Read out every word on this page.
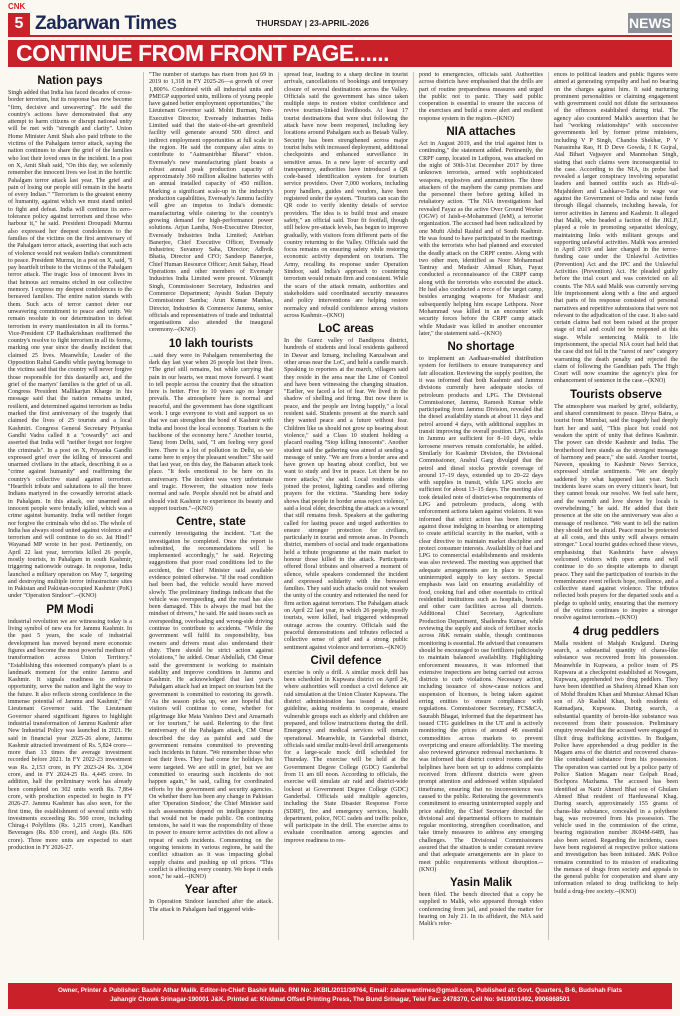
CNK
5 Zabarwan Times	THURSDAY | 23-APRIL-2026	NEWS
CONTINUE FROM FRONT PAGE......
Nation pays
Singh added that India has faced decades of cross-border terrorism, but its response has now become "firm, decisive and unwavering". He said the country's actions have demonstrated that any attempt to harm citizens or disrupt national unity will be met with "strength and clarity". Union Home Minister Amit Shah also paid tribute to the victims of the Pahalgam terror attack, saying the nation continues to share the grief of the families who lost their loved ones in the incident. In a post on X, Amit Shah said, "On this day, we solemnly remember the innocent lives we lost in the horrific Pahalgam terror attack last year. The grief and pain of losing our people still remain in the hearts of every Indian." "Terrorism is the greatest enemy of humanity, against which we must stand united to fight and defeat. India will continue its zero-tolerance policy against terrorism and those who harbour it," he said. President Droupadi Murmu also expressed her deepest condolences to the families of the victims on the first anniversary of the Pahalgam terror attack, asserting that such acts of violence would not weaken India's commitment to peace. President Murmu, in a post on X, said, "I pay heartfelt tribute to the victims of the Pahalgam terror attack. The tragic loss of innocent lives in that heinous act remains etched in our collective memory. I express my deepest condolences to the bereaved families. The entire nation stands with them. Such acts of terror cannot deter our unwavering commitment to peace and unity. We remain resolute in our determination to defeat terrorism in every manifestation in all its forms." Vice-President CP Radhakrishnan reaffirmed the country's resolve to fight terrorism in all its forms, marking one year since the deadly incident that claimed 25 lives. Meanwhile, Leader of the Opposition Rahul Gandhi while paying homage to the victims said that the country will never forgive those responsible for this dastardly act, and the grief of the martyrs' families is the grief of us all. Congress President Mallikarjun Kharge in his message said that the nation remains united, resilient, and determined against terrorism as India marked the first anniversary of the tragedy that claimed the lives of 25 tourists and a local Kashmiri. Congress General Secretary Priyanka Gandhi Vadra called it a "cowardly" act and asserted that India will "neither forget nor forgive the criminals". In a post on X, Priyanka Gandhi expressed grief over the killing of innocent and unarmed civilians in the attack, describing it as a "crime against humanity" and reaffirming the country's collective stand against terrorism. "Heartfelt tribute and salutations to all the brave Indians martyred in the cowardly terrorist attack in Pahalgam. In this attack, our unarmed and innocent people were brutally killed, which was a crime against humanity. India will neither forget nor forgive the criminals who did so. The whole of India has always stood united against violence and terrorism and will continue to do so. Jai Hind!" Wayanad MP wrote in her post. Pertinently, on April 22 last year, terrorists killed 26 people, mostly tourists, in Pahalgam in south Kashmir, triggering nationwide outrage. In response, India launched a military operation on May 7, targeting and destroying multiple terror infrastructure sites in Pakistan and Pakistan-occupied Kashmir (PoK) under "Operation Sindoor".--(KNO)
PM Modi
industrial revolution we are witnessing today is a living symbol of new era for Jammu Kashmir. In the past 5 years, the scale of industrial development has moved beyond mere economic figures and become the most powerful medium of transformation across Union Territory." "Establishing this esteemed company's plant is a landmark moment for the entire Jammu and Kashmir. It signals readiness to embrace opportunity, serve the nation and light the way to the future. It also reflects strong confidence in the immense potential of Jammu and Kashmir," the Lieutenant Governor said. The Lieutenant Governor shared significant figures to highlight industrial transformation of Jammu Kashmir after New Industrial Policy was launched in 2021. He said in financial year 2025-26 alone, Jammu Kashmir attracted investment of Rs. 5,824 crore—more than 13 times the average investment recorded before 2021. In FY 2022-23 investment was Rs. 2,153 crore, in FY 2023-24 Rs. 3,304 crore, and in FY 2024-25 Rs. 4,445 crore. In addition, half the preliminary work has already been completed on 302 units worth Rs. 7,864 crore, with production expected to begin in FY 2026-27. Jammu Kashmir has also seen, for the first time, the establishment of several units with investments exceeding Rs. 500 crore, including Chirag-i Polyfilms (Rs. 1,215 crore), Kandhari Beverages (Rs. 830 crore), and Aegis (Rs. 606 crore). Three more units are expected to start production in FY 2026-27.
"The number of startups has risen from just 69 in 2019 to 1,318 in FY 2025-26—a growth of over 1,800%. Combined with all industrial units and PMEGP supported units, millions of young people have gained better employment opportunities," the Lieutenant Governor said. Mohit Burman, Non-Executive Director, Eveready industries India Limited said that the state-of-the-art greenfield facility will generate around 500 direct and indirect employment opportunities at full scale in the region. He said the company also aims to contribute to "Aatmanirbhar Bharat" vision. Eveready's new manufacturing plant boasts a robust annual peak production capacity of approximately 360 million alkaline batteries with an annual installed capacity of 450 million. Marking a significant scale-up in the industry's production capabilities, Eveready's Jammu facility will give an impetus to India's domestic manufacturing while catering to the country's growing demand for high-performance power solutions. Arjun Lamba, Non-Executive Director, Eveready Industries India Limited; Anirban Banerjee, Chief Executive Officer, Eveready Industries; Suvamoy Saha, Director; Adhvik Bhatia, Director and CFO; Sandeep Banerjee, Chief Human Resource Officer; Amit Sahay, Head Operations and other members of Eveready Industries India Limited were present. Vikramjit Singh, Commissioner Secretary, Industries and Commerce Department; Ayushi Sudan Deputy Commissioner Samba; Arun Kumar Manhas, Director, Industries & Commerce Jammu, senior officials and representatives of trade and industrial organisations also attended the inaugural ceremony.--(KNO)
10 lakh tourists
...said they were in Pahalgam remembering the dark day last year when 26 people lost their lives. "The grief still remains, but while carrying that pain in our hearts, we must move forward. I want to tell people across the country that the situation here is better. Five to 10 years ago no longer prevails. The atmosphere here is normal and peaceful, and the government has done significant work. I urge everyone to visit and support us so that we can strengthen the bond of Kashmir with India and boost the local economy. Tourism is the backbone of the economy here." Another tourist, Tanuj from Delhi, said, "I am feeling very good here. There is a lot of pollution in Delhi, so we came here to enjoy the pleasant weather." She said that last year, on this day, the Baisaran attack took place. "It feels emotional to be here on its anniversary. The incident was very unfortunate and tragic. However, the situation now feels normal and safe. People should not be afraid and should visit Kashmir to experience its beauty and support tourism."--(KNO)
Centre, state
currently investigating the incident. "Let the investigation be completed. Once the report is submitted, the recommendations will be implemented accordingly," he said. Rejecting suggestions that poor road conditions led to the accident, the Chief Minister said available evidence pointed otherwise. "If the road condition had been bad, the vehicle would have moved slowly. The preliminary findings indicate that the vehicle was overspeeding, and the road has also been damaged. This is always the mad but the mindset of drivers," he said. He said issues such as overspeeding, overloading and wrong-side driving continue to contribute to accidents. "While the government will fulfil its responsibility, bus owners and drivers must also understand their duty. There should be strict action against violations," he added. Omar Abdullah, CM Omar said the government is working to maintain stability and improve conditions in Jammu and Kashmir. He acknowledged that last year's Pahalgam attack had an impact on tourism but the government is committed to restoring its growth. "As the season picks up, we are hopeful that visitors will continue to come, whether for pilgrimage like Mata Vaishno Devi and Amarnath or for tourism," he said. Referring to the first anniversary of the Pahalgam attack, CM Omar described the day as painful and said the government remains committed to preventing such incidents in future. "We remember those who lost their lives. They had come for holidays but were targeted. We are still in grief, but we are committed to ensuring such incidents do not happen again," he said, calling for coordinated efforts by the government and security agencies. On whether there has been any change in Pakistan after 'Operation Sindoor,' the Chief Minister said such assessments depend on intelligence inputs that would not be made public. On continuing tensions, he said it was the responsibility of those in power to ensure terror activities do not allow a repeat of such incidents. Commenting on the ongoing tensions in various regions, he said the conflict situation as it was impacting global supply chains and pushing up oil prices. "This conflict is affecting every country. We hope it ends soon," he said.--(KNO)
Year after
In Operation Sindoor launched after the attack. The attack in Pahalgam had triggered wide-
spread fear, leading to a sharp decline in tourist arrivals, cancellations of bookings and temporary closure of several destinations across the Valley. Officials said the government has since taken multiple steps to restore visitor confidence and revive tourism-linked livelihoods. At least 17 tourist destinations that were shut following the attack have now been reopened, including key locations around Pahalgam such as Betaab Valley. Security has been strengthened across major tourist hubs with increased deployment, additional checkpoints and enhanced surveillance in sensitive areas. In a new layer of security and transparency, authorities have introduced a QR code-based identification system for tourism service providers. Over 7,000 workers, including pony handlers, guides and vendors, have been registered under the system. "Tourists can scan the QR code to verify identity details of service providers. The idea is to build trust and ensure safety," an official said. Tour fit footfall, though still below pre-attack levels, has begun to improve gradually, with visitors from different parts of the country returning to the Valley. Officials said the focus remains on ensuring safety while restoring economic activity dependent on tourism. The Army, recalling its response under Operation Sindoor, said India's approach to countering terrorism would remain firm and consistent. While the scars of the attack remain, authorities and stakeholders said coordinated security measures and policy interventions are helping restore normalcy and rebuild confidence among visitors across Kashmir.--(KNO)
LoC areas
In the Gurez valley of Bandipora district, hundreds of students and local residents gathered in Dawar and Izmarg, including Kanzalwan and other areas near the LoC, and held a candle march. Speaking to reporters at the march, villagers said they reside in the area near the Line of Control and have been witnessing the changing situation. "Earlier, we faced a lot of fear. We lived in the shadow of shelling and firing. But now there is peace, and the people are living happily," a local resident said. Students present at the march said they wanted peace and a future without fear. Children like us should not grow up hearing about violence," said a Class 10 student holding a placard reading "Stop killing innocents". Another student said the gathering was aimed at sending a message of unity. "We are from a border area and have grown up hearing about conflict, but we want to study and live in peace. Let there be no more attacks," she said. Local residents also joined the protest, lighting candles and offering prayers for the victims. "Standing here today shows that people in border areas reject violence," said a local elder, describing the attack as a wound that still remains fresh. Speakers at the gathering called for lasting peace and urged authorities to ensure stronger protection for civilians, particularly in tourist and remote areas. In Poonch district, members of social and trade organisations held a tribute programme at the main market to honour those killed in the attack. Participants offered floral tributes and observed a moment of silence, while speakers condemned the incident and expressed solidarity with the bereaved families. They said such attacks could not weaken the unity of the country and reiterated the need for firm action against terrorism. The Pahalgam attack on April 22 last year, in which 26 people, mostly tourists, were killed, had triggered widespread outrage across the country. Officials said the peaceful demonstrations and tributes reflected a collective sense of grief and a strong public sentiment against violence and terrorism.--(KNO)
Civil defence
exercise is only a drill. A similar mock drill has been scheduled in Kupwara district on April 24, where authorities will conduct a civil defence air raid simulation at the Union Cluster Kupwara. The district administration has issued a detailed guideline, asking residents to cooperate, ensure vulnerable groups such as elderly and children are prepared, and follow instructions during the drill. Emergency and medical services will remain operational. Meanwhile, in Ganderbal district, officials said similar multi-level drill arrangements for a large-scale mock drill scheduled for Thursday. The exercise will be held at the Government Degree College (GDC) Ganderbal from 11 am till noon. According to officials, the exercise will simulate air raid and district-wide lockout at Government Degree College (GDC) Ganderbal. Officials said multiple agencies, including the State Disaster Response Force (SDRF), fire and emergency services, health department, police, NCC cadets and traffic police, will participate in the drill. The exercise aims to evaluate coordination among agencies and improve readiness to res-
pond to emergencies, officials said. Authorities across districts have emphasised that the drills are part of routine preparedness measures and urged the public not to panic. They said public cooperation is essential to ensure the success of the exercises and build a more alert and resilient response system in the region.--(KNO)
NIA attaches
Act in August 2019, and the trial against him is continuing," the statement added. Pertinently, the CRPF camp, located in Lethpora, was attacked on the night of 30th-31st December 2017 by three unknown terrorists, armed with sophisticated weapons, explosives and ammunition. The three attackers of the mayhem the camp premises and the personnel there before getting killed in retaliatory action. "The NIA investigations had revealed Fayaz as the active Over Ground Worker (OGW) of Jaish-e-Mohammed (JeM), a terrorist organization. The accused had been radicalized by one Mufti Abdul Rashid and of South Kashmir. He was found to have participated in the meetings with the terrorists who had planned and executed the deadly attack on the CRPF centre. Along with two other men, identified as Noor Mohammad Tantray and Mudasir Ahmad Khan, Fayaz conducted a reconnaissance of the CRPF camp along with the terrorists who executed the attack. He had also conducted a recce of the target camp, besides arranging weapons for Mudasir and subsequently helping him escape Lethpora. Noor Mohammad was killed in an encounter with security forces before the CRPF camp attack while Mudasir was killed in another encounter later," the statement said.--(KNO)
No shortage
to implement an Aadhaar-enabled distribution system for fertilisers to ensure transparency and fair allocation. Reviewing the supply position, the it was informed that both Kashmir and Jammu divisions currently have adequate stocks of petroleum products and LPG. The Divisional Commissioner, Jammu, Ramesh Kumar while participating from Jammu Division, revealed that the diesel availability stands at about 11 days and petrol around 4 days, with additional supplies in transit improving the overall position. LPG stocks in Jammu are sufficient for 8–10 days, while kerosene reserves remain comfortable, he added. Similarly for Kashmir Division, the Divisional Commissioner, Anshul Garg divulged that the petrol and diesel stocks provide coverage of around 17–19 days, extended up to 20–22 days with supplies in transit, while LPG stocks are sufficient for about 13–15 days. The meeting also took detailed note of district-wise requirements of LPG and petroleum products, along with enforcement actions taken against violators. It was informed that strict action has been initiated against those indulging in hoarding or attempting to create artificial scarcity in the market, with a clear directive to maintain market discipline and protect consumer interests. Availability of fuel and LPG to commercial establishments and residents was also reviewed. The meeting was apprised that adequate arrangements are in place to ensure uninterrupted supply to key sectors. Special emphasis was laid on ensuring availability of food, cooking fuel and other essentials to critical residential institutions such as hospitals, hostels and other care facilities across all districts. Additional Chief Secretary, Agriculture Production Department, Shailendra Kumar, while reviewing the supply and stock of fertiliser stocks across J&K remain stable, though continuous monitoring is essential. He advised that consumers should be encouraged to use fertilizers judiciously to maintain balanced availability. Highlighting enforcement measures, it was informed that extensive inspections are being carried out across districts to curb violations. Necessary action, including issuance of show-cause notices and suspension of licenses, is being taken against erring entities to ensure compliance with regulations. Commissioner Secretary, FCS&CA, Saurabh Bhagat, informed that the department has issued CTG guidelines in the UT and is actively monitoring the prices of around 48 essential commodities across markets to prevent overpricing and ensure affordability. The meeting also reviewed grievance redressal mechanisms. It was informed that district control rooms and the helplines have been set up to address complaints received from different districts were given prompt attention and addressed within stipulated timeframe, ensuring that no inconvenience was caused to the public. Reiterating the government's commitment to ensuring uninterrupted supply and price stability, the Chief Secretary directed the divisional and departmental officers to maintain regular monitoring, strengthen coordination, and take timely measures to address any emerging challenges. The Divisional Commissioners assured that the situation is under constant review and that adequate arrangements are in place to meet public requirements without disruption.--(KNO)
Yasin Malik
been filed. The bench directed that a copy be supplied to Malik, who appeared through video conferencing from jail, and posted the matter for hearing on July 21. In its affidavit, the NIA said Malik's refer-
ences to political leaders and public figures were aimed at generating sympathy and had no bearing on the charges against him. It said nurturing prominent personalities or claiming engagement with government could not dilute the seriousness of the offences established during trial. The agency also countered Malik's assertion that he had "working relationships" with successive governments led by former prime ministers, including V P Singh, Chandra Shekhar, P V Narasimha Rao, H D Deve Gowda, I K Gujral, Atal Bihari Vajpayee and Manmohan Singh, stating that such claims were inconsequential to the case. According to the NIA, its probe had revealed a larger conspiracy involving separatist leaders and banned outfits such as Hizb-ul-Mujahideen and Lashkar-e-Taiba to wage war against the Government of India and raise funds through illegal channels, including hawala, for terror activities in Jammu and Kashmir. It alleged that Malik, who headed a faction of the JKLF, played a role in promoting separatist ideology, maintaining links with militant groups and supporting unlawful activities. Malik was arrested in April 2019 and later charged in the terror-funding case under the Unlawful Activities (Prevention) Act and the IPC and the Unlawful Activities (Prevention) Act. He pleaded guilty before the trial court and was convicted on all counts. The NIA said Malik was currently serving life imprisonment along with a fine and argued that parts of his response consisted of personal narratives and repetitive submissions that were not relevant to the adjudication of the case. It also said certain claims had not been raised at the proper stage of trial and could not be reopened at this stage. While sentencing Malik to life imprisonment, the special NIA court had held that the case did not fall in the "rarest of rare" category warranting the death penalty and rejected the claim of following the Gandhian path. The High Court will now examine the agency's plea for enhancement of sentence in the case.--(KNO)
Tourists observe
The atmosphere was marked by grief, solidarity, and shared commitment to peace. Divya Batra, a tourist from Mumbai, said the tragedy had deeply hurt her and said, "This place but could not weaken the spirit of unity that defines Kashmir. The power can divide Kashmir and India. The brotherhood here stands as the strongest message of harmony and peace," she said. Another tourist, Naveen, speaking to Kashmir News Service, expressed similar sentiments. "We are deeply saddened by what happened last year. Such incidents leave scars on every citizen's heart, but they cannot break our resolve. We feel safe here, and the warmth and love shown by locals is overwhelming," he said. He added that their presence at the site on the anniversary was also a message of resilience. "We want to tell the nation they should not be afraid. Peace must be protected at all costs, and this unity will always remain stronger." Local tourist guides echoed these views, emphasising that Kashmiris have always welcomed visitors with open arms and will continue to do so despite attempts to disrupt peace. They said the participation of tourists in the remembrance event reflects hope, resilience, and a collective stand against violence. The tributes reflected both prayers for the departed souls and a pledge to uphold unity, ensuring that the memory of the victims continues to inspire a stronger resolve against terrorism.--(KNO)
4 drug peddlers
Malla resident of Mahjah Kralgund. During search, a substantial quantity of charas-like substance was recovered from his possession. Meanwhile in Kupwara, a police team of PS Kupwara at a checkpoint established at Nowgam, Kupwara, apprehended two drug peddlers. They have been identified as Shafeeq Ahmad Khan son of Mohd Ibrahim Khan and Mumtaz Ahmad Khan son of Ab Rashid Khan, both residents of Katmadjara, Kupwara. During search, a substantial quantity of heroin-like substance was recovered from their possession. Preliminary enquiry revealed that the accused were engaged in illicit drug trafficking activities. In Budgam, Police have apprehended a drug peddler in the Magam area of the district and recovered charas-like contraband substance from his possession. The operation was carried out by a police party of Police Station Magam near Golpah Road, Bochpora Mazhama. The accused has been identified as Nazir Ahmed Bhat son of Ghulam Ahmed Bhat resident of Harduwanal Khag. During search, approximately 155 grams of charas-like substance, concealed in a polythene bag, was recovered from his possession. The vehicle used in the commission of the crime, bearing registration number JK04M-6489, has also been seized. Regarding the incidents, cases have been registered at respective police stations and investigation has been initiated. J&K Police remains committed to its mission of eradicating the menace of drugs from society and appeals to the general public for cooperation and share any information related to drug trafficking to help build a drug-free society.--(KNO)
Owner, Printer & Publisher: Bashir Athar Malik. Editor-in-Chief: Bashir Malik. RNI No: JKBIL/2011/39764, Email: zabarwantimes@gmail.com, Published at: Govt. Quarters, B-6, Budshah Flats
Jahangir Chowk Srinagar-190001 J&K. Printed at: Khidmat Offset Printing Press, The Bund Srinagar, Tele/ Fax: 2478370, Cell No: 9419001492, 9906868501
